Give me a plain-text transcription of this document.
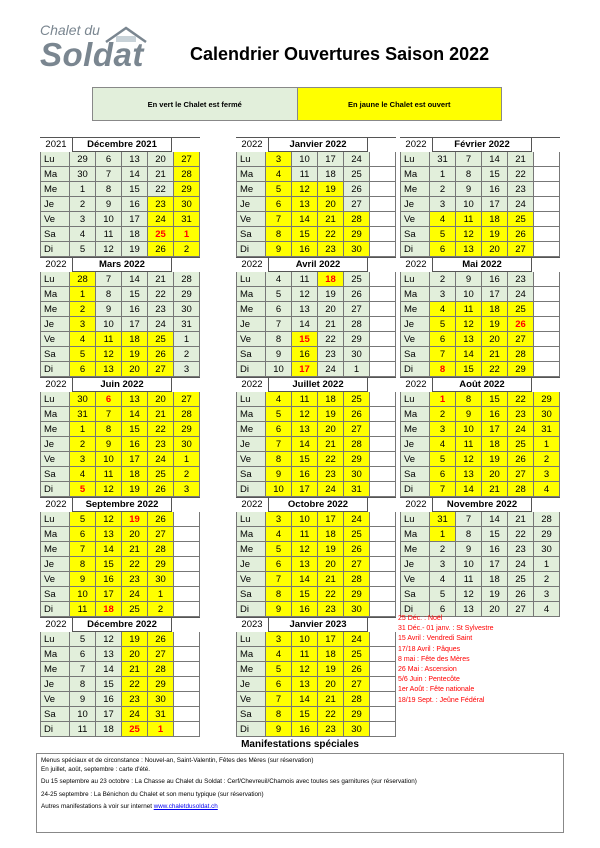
Chalet du
Soldat	Calendrier Ouvertures Saison 2022
En vert le Chalet est fermé	En jaune le Chalet est ouvert
2021	Décembre 2021
Lu	29	6	13	20	27
Ma	30	7	14	21	28
Me	1	8	15	22	29
Je	2	9	16	23	30
Ve	3	10	17	24	31
Sa	4	11	18	25	1
Di	5	12	19	26	2
2022	Janvier 2022
Lu	3	10	17	24
Ma	4	11	18	25
Me	5	12	19	26
Je	6	13	20	27
Ve	7	14	21	28
Sa	8	15	22	29
Di	9	16	23	30
2022	Février 2022
Lu	31	7	14	21
Ma	1	8	15	22
Me	2	9	16	23
Je	3	10	17	24
Ve	4	11	18	25
Sa	5	12	19	26
Di	6	13	20	27
2022	Mars 2022
Lu	28	7	14	21	28
Ma	1	8	15	22	29
Me	2	9	16	23	30
Je	3	10	17	24	31
Ve	4	11	18	25	1
Sa	5	12	19	26	2
Di	6	13	20	27	3
2022	Avril 2022
Lu	4	11	18	25
Ma	5	12	19	26
Me	6	13	20	27
Je	7	14	21	28
Ve	8	15	22	29
Sa	9	16	23	30
Di	10	17	24	1
2022	Mai 2022
Lu	2	9	16	23
Ma	3	10	17	24
Me	4	11	18	25
Je	5	12	19	26
Ve	6	13	20	27
Sa	7	14	21	28
Di	8	15	22	29
2022	Juin 2022
Lu	30	6	13	20	27
Ma	31	7	14	21	28
Me	1	8	15	22	29
Je	2	9	16	23	30
Ve	3	10	17	24	1
Sa	4	11	18	25	2
Di	5	12	19	26	3
2022	Juillet 2022
Lu	4	11	18	25
Ma	5	12	19	26
Me	6	13	20	27
Je	7	14	21	28
Ve	8	15	22	29
Sa	9	16	23	30
Di	10	17	24	31
2022	Août 2022
Lu	1	8	15	22	29
Ma	2	9	16	23	30
Me	3	10	17	24	31
Je	4	11	18	25	1
Ve	5	12	19	26	2
Sa	6	13	20	27	3
Di	7	14	21	28	4
2022	Septembre 2022
Lu	5	12	19	26
Ma	6	13	20	27
Me	7	14	21	28
Je	8	15	22	29
Ve	9	16	23	30
Sa	10	17	24	1
Di	11	18	25	2
2022	Octobre 2022
Lu	3	10	17	24
Ma	4	11	18	25
Me	5	12	19	26
Je	6	13	20	27
Ve	7	14	21	28
Sa	8	15	22	29
Di	9	16	23	30
2022	Novembre 2022
Lu	31	7	14	21	28
Ma	1	8	15	22	29
Me	2	9	16	23	30
Je	3	10	17	24	1
Ve	4	11	18	25	2
Sa	5	12	19	26	3
Di	6	13	20	27	4
2022	Décembre 2022
Lu	5	12	19	26
Ma	6	13	20	27
Me	7	14	21	28
Je	8	15	22	29
Ve	9	16	23	30
Sa	10	17	24	31
Di	11	18	25	1
2023	Janvier 2023
Lu	3	10	17	24
Ma	4	11	18	25
Me	5	12	19	26
Je	6	13	20	27
Ve	7	14	21	28
Sa	8	15	22	29
Di	9	16	23	30
25 Déc. : Noël
31 Déc.- 01 janv. : St Sylvestre
15 Avril : Vendredi Saint
17/18 Avril : Pâques
8 mai : Fête des Mères
26 Mai : Ascension
5/6 Juin : Pentecôte
1er Août : Fête nationale
18/19 Sept. : Jeûne Fédéral
Manifestations spéciales

Menus spéciaux et de circonstance : Nouvel-an, Saint-Valentin, Fêtes des Mères (sur réservation)
En juillet, août, septembre : carte d'été.

Du 15 septembre au 23 octobre : La Chasse au Chalet du Soldat : Cerf/Chevreuil/Chamois avec toutes ses garnitures (sur réservation)

24-25 septembre : La Bénichon du Chalet et son menu typique (sur réservation)

Autres manifestations à voir sur internet www.chaletdusoldat.ch
